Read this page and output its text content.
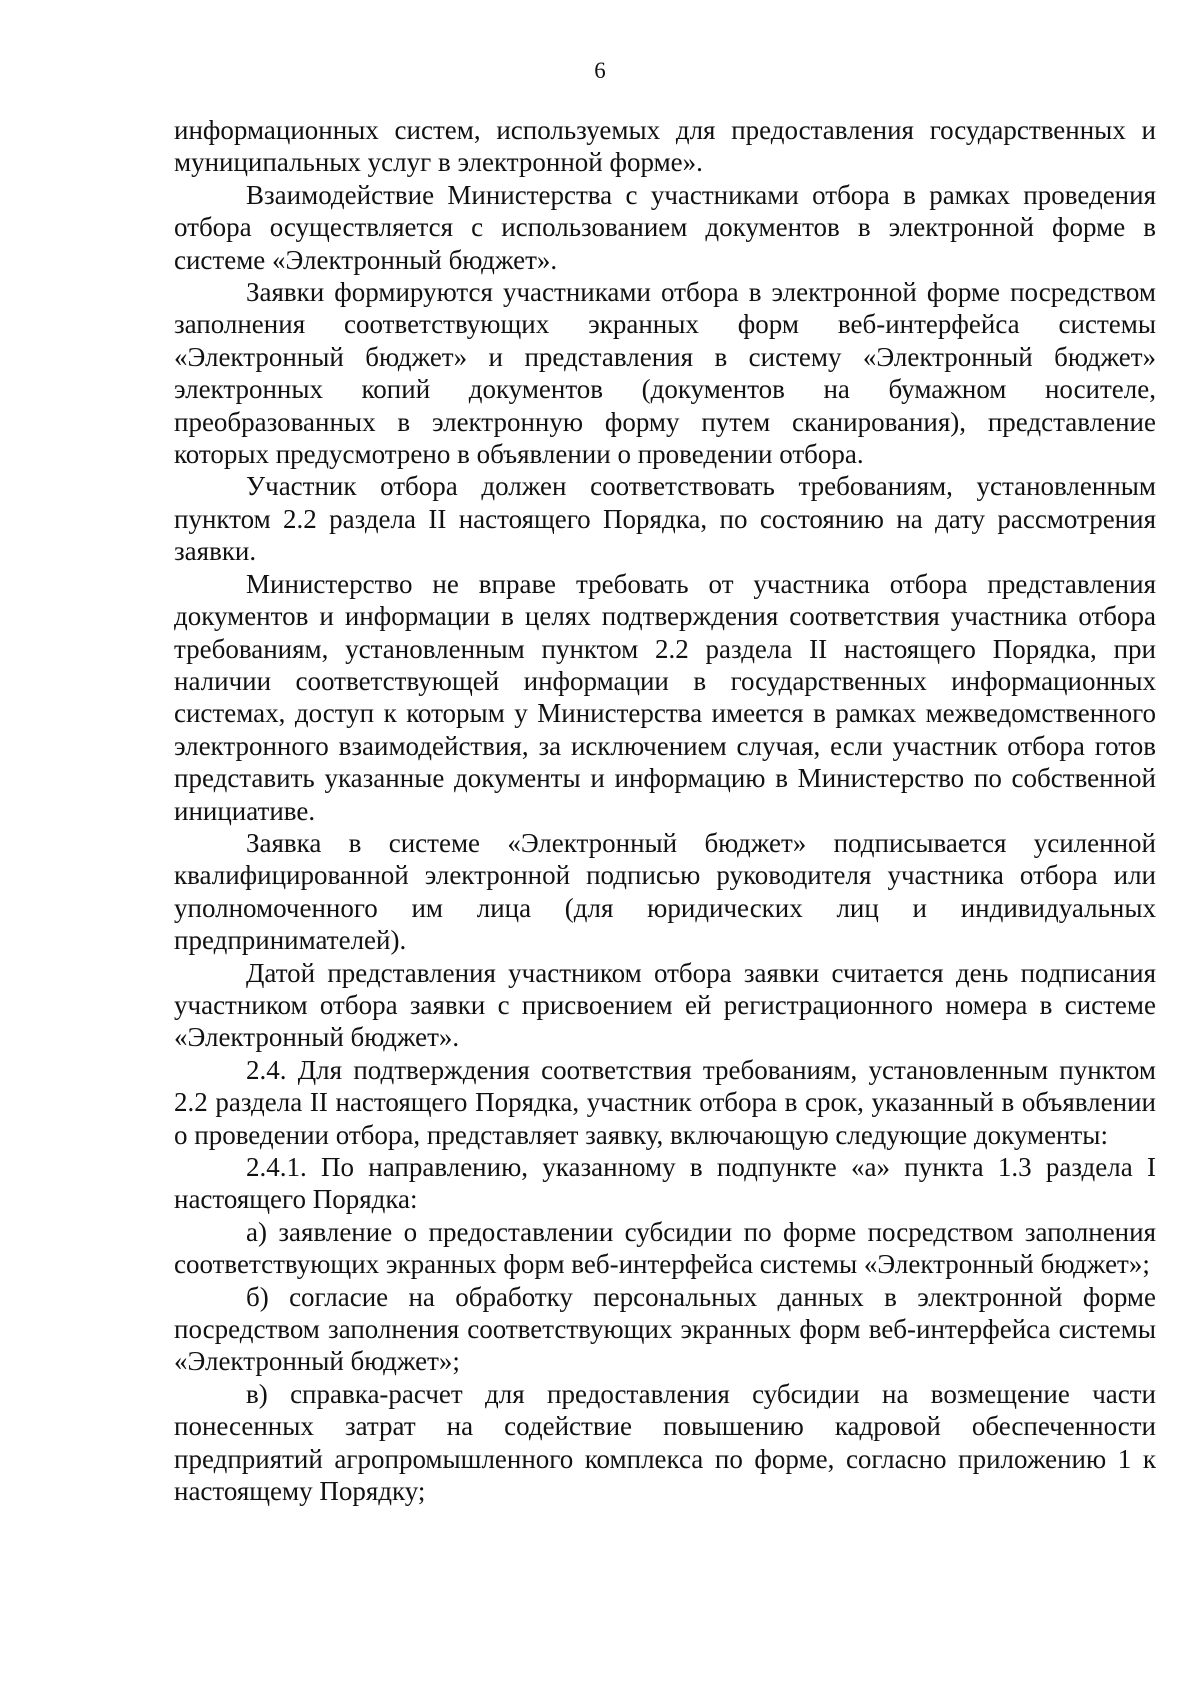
6

информационных систем, используемых для предоставления государственных и муниципальных услуг в электронной форме».

Взаимодействие Министерства с участниками отбора в рамках проведения отбора осуществляется с использованием документов в электронной форме в системе «Электронный бюджет».

Заявки формируются участниками отбора в электронной форме посредством заполнения соответствующих экранных форм веб-интерфейса системы «Электронный бюджет» и представления в систему «Электронный бюджет» электронных копий документов (документов на бумажном носителе, преобразованных в электронную форму путем сканирования), представление которых предусмотрено в объявлении о проведении отбора.

Участник отбора должен соответствовать требованиям, установленным пунктом 2.2 раздела II настоящего Порядка, по состоянию на дату рассмотрения заявки.

Министерство не вправе требовать от участника отбора представления документов и информации в целях подтверждения соответствия участника отбора требованиям, установленным пунктом 2.2 раздела II настоящего Порядка, при наличии соответствующей информации в государственных информационных системах, доступ к которым у Министерства имеется в рамках межведомственного электронного взаимодействия, за исключением случая, если участник отбора готов представить указанные документы и информацию в Министерство по собственной инициативе.

Заявка в системе «Электронный бюджет» подписывается усиленной квалифицированной электронной подписью руководителя участника отбора или уполномоченного им лица (для юридических лиц и индивидуальных предпринимателей).

Датой представления участником отбора заявки считается день подписания участником отбора заявки с присвоением ей регистрационного номера в системе «Электронный бюджет».

2.4. Для подтверждения соответствия требованиям, установленным пунктом 2.2 раздела II настоящего Порядка, участник отбора в срок, указанный в объявлении о проведении отбора, представляет заявку, включающую следующие документы:

2.4.1. По направлению, указанному в подпункте «а» пункта 1.3 раздела I настоящего Порядка:

а) заявление о предоставлении субсидии по форме посредством заполнения соответствующих экранных форм веб-интерфейса системы «Электронный бюджет»;

б) согласие на обработку персональных данных в электронной форме посредством заполнения соответствующих экранных форм веб-интерфейса системы «Электронный бюджет»;

в) справка-расчет для предоставления субсидии на возмещение части понесенных затрат на содействие повышению кадровой обеспеченности предприятий агропромышленного комплекса по форме, согласно приложению 1 к настоящему Порядку;
